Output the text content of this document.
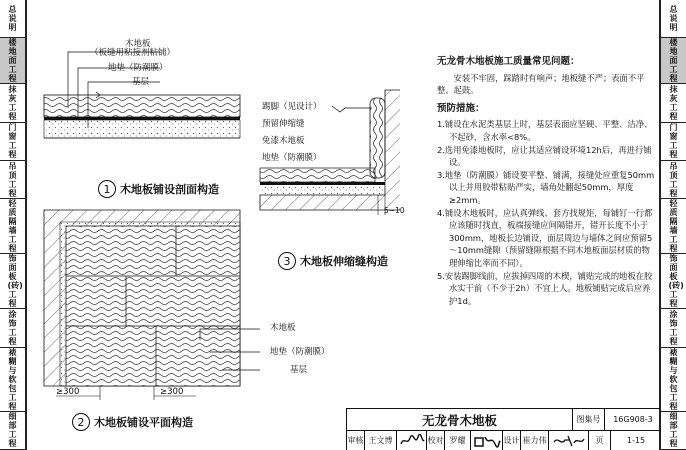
总说明
楼地面工程
抹灰工程
门窗工程
吊顶工程
轻质隔墙工程
饰面板(砖)工程
涂饰工程
裱糊与软包工程
细部工程
总说明
楼地面工程
抹灰工程
门窗工程
吊顶工程
轻质隔墙工程
饰面板(砖)工程
涂饰工程
裱糊与软包工程
细部工程
木地板
（板缝用粘接剂粘铺）
地垫（防潮膜）
基层
1 木地板铺设剖面构造
木地板
地垫（防潮膜）
基层
≥300	≥300
2 木地板铺设平面构造
踢脚（见设计）
预留伸缩缝
免漆木地板
地垫（防潮膜）
5~10
3 木地板伸缩缝构造
无龙骨木地板施工质量常见问题：
安装不牢固，踩踏时有响声；地板缝不严；表面不平整、起鼓。
预防措施：
1.铺设在水泥类基层上时，基层表面应坚硬、平整、洁净、不起砂，含水率<8%。
2.选用免漆地板时，应让其适应铺设环境12h后，再进行铺设。
3.地垫（防潮膜）铺设要平整、铺满，接缝处应重复50mm以上并用胶带粘贴严实，墙角处翻起50mm，厚度≥2mm。
4.铺设木地板时，应认真弹线、套方找规矩，每铺钉一行都应该随时找直，板端接缝应间隔错开，错开长度不小于300mm，地板长边铺设，面层周边与墙体之间应预留5～10mm缝隙（预留缝隙根据不同木地板面层材质的物理伸缩比率而不同）。
5.安装踢脚线前，应拔掉四周的木楔，铺贴完成的地板在胶水实干前（不少于2h）不宜上人。地板铺贴完成后应养护1d。
无龙骨木地板	图集号	16G908-3
审核 王文博	校对 罗耀	设计 崔力伟	页	1-15
